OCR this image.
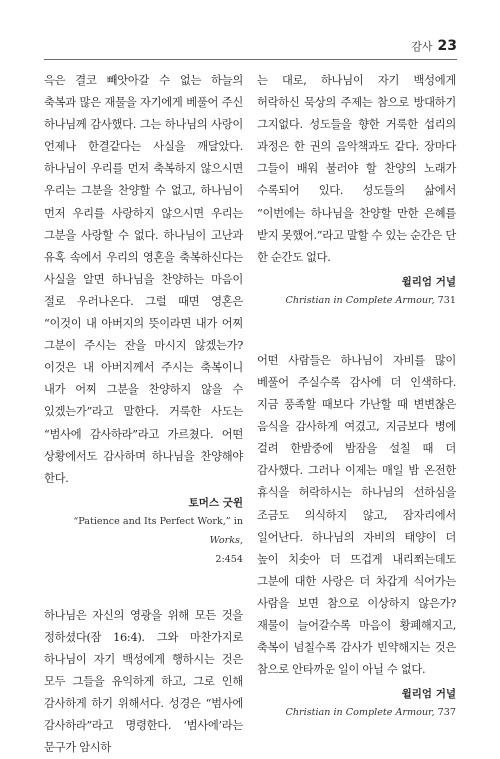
감사 23

윽은 결코 빼앗아갈 수 없는 하늘의 축복과 많은 재물을 자기에게 베풀어 주신 하나님께 감사했다. 그는 하나님의 사랑이 언제나 한결같다는 사실을 깨달았다. 하나님이 우리를 먼저 축복하지 않으시면 우리는 그분을 찬양할 수 없고, 하나님이 먼저 우리를 사랑하지 않으시면 우리는 그분을 사랑할 수 없다. 하나님이 고난과 유혹 속에서 우리의 영혼을 축복하신다는 사실을 알면 하나님을 찬양하는 마음이 절로 우러나온다. 그럴 때면 영혼은 “이것이 내 아버지의 뜻이라면 내가 어찌 그분이 주시는 잔을 마시지 않겠는가? 이것은 내 아버지께서 주시는 축복이니 내가 어찌 그분을 찬양하지 않을 수 있겠는가”라고 말한다. 거룩한 사도는 “범사에 감사하라”라고 가르쳤다. 어떤 상황에서도 감사하며 하나님을 찬양해야 한다.

토머스 굿윈

“Patience and Its Perfect Work,” in Works,
2:454

하나님은 자신의 영광을 위해 모든 것을 정하셨다(잠 16:4). 그와 마찬가지로 하나님이 자기 백성에게 행하시는 것은 모두 그들을 유익하게 하고, 그로 인해 감사하게 하기 위해서다. 성경은 “범사에 감사하라”라고 명령한다. ‘범사에’라는 문구가 암시하

는 대로, 하나님이 자기 백성에게 허락하신 묵상의 주제는 참으로 방대하기 그지없다. 성도들을 향한 거룩한 섭리의 과정은 한 권의 음악책과도 같다. 장마다 그들이 배워 불러야 할 찬양의 노래가 수록되어 있다. 성도들의 삶에서 “이번에는 하나님을 찬양할 만한 은혜를 받지 못했어.”라고 말할 수 있는 순간은 단 한 순간도 없다.

윌리엄 거널

Christian in Complete Armour, 731

어떤 사람들은 하나님이 자비를 많이 베풀어 주실수록 감사에 더 인색하다. 지금 풍족할 때보다 가난할 때 변변찮은 음식을 감사하게 여겼고, 지금보다 병에 걸려 한밤중에 밤잠을 설칠 때 더 감사했다. 그러나 이제는 매일 밤 온전한 휴식을 허락하시는 하나님의 선하심을 조금도 의식하지 않고, 잠자리에서 일어난다. 하나님의 자비의 태양이 더 높이 치솟아 더 뜨겁게 내리쬐는데도 그분에 대한 사랑은 더 차갑게 식어가는 사람을 보면 참으로 이상하지 않은가? 재물이 늘어갈수록 마음이 황폐해지고, 축복이 넘칠수록 감사가 빈약해지는 것은 참으로 안타까운 일이 아닐 수 없다.

윌리엄 거널

Christian in Complete Armour, 737
